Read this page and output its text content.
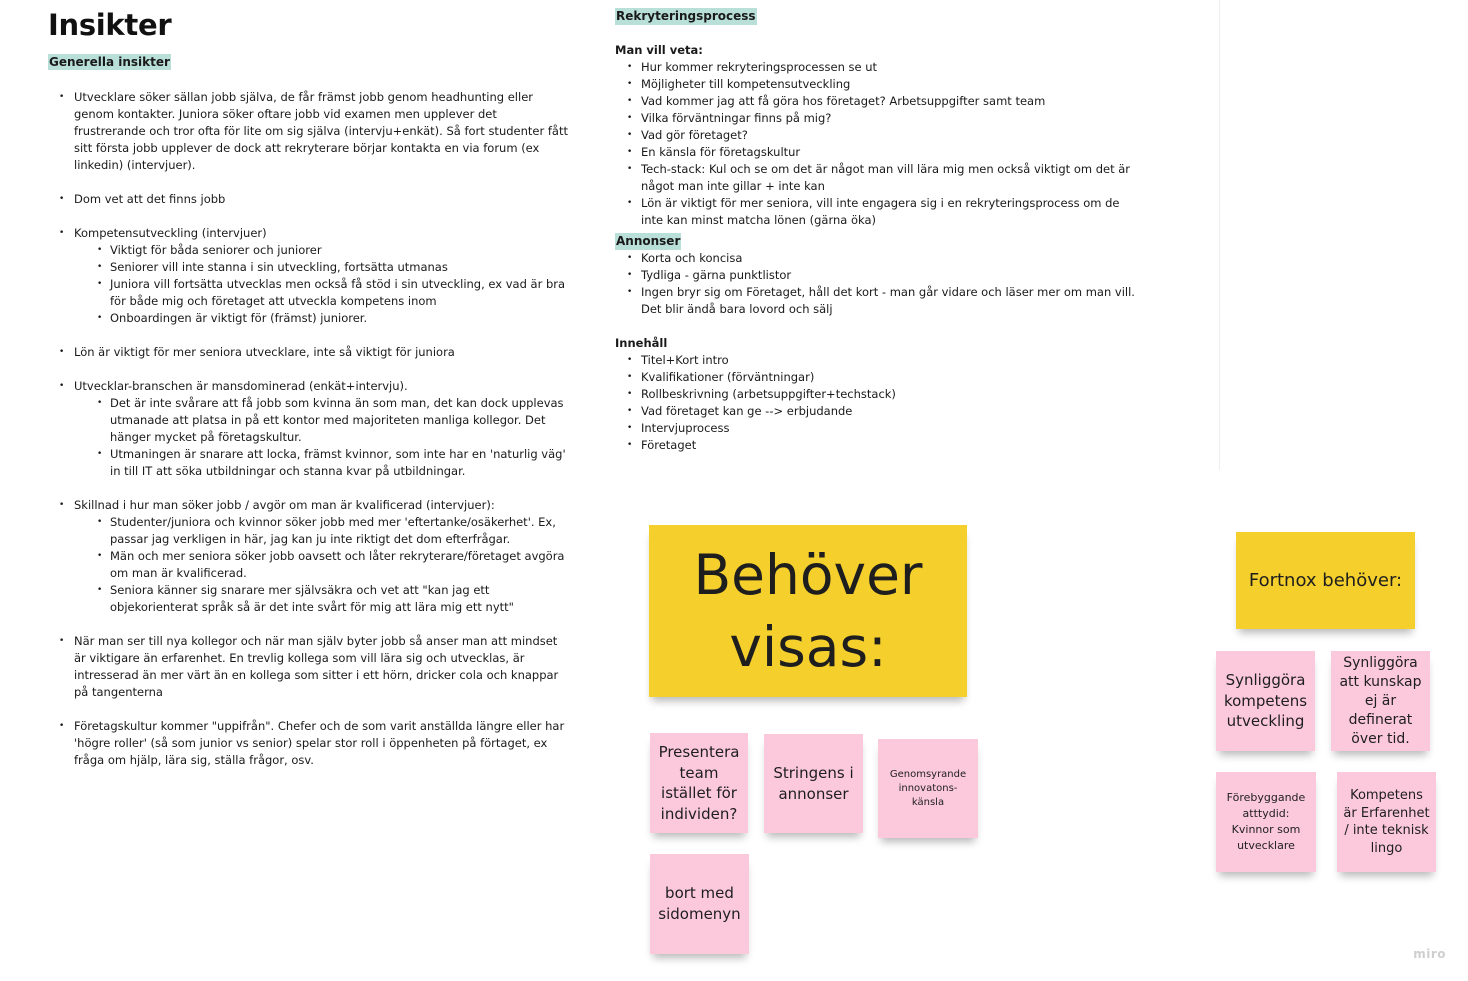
Insikter
Generella insikter
• Utvecklare söker sällan jobb själva, de får främst jobb genom headhunting eller genom kontakter. Juniora söker oftare jobb vid examen men upplever det frustrerande och tror ofta för lite om sig själva (intervju+enkät). Så fort studenter fått sitt första jobb upplever de dock att rekryterare börjar kontakta en via forum (ex linkedin) (intervjuer).
• Dom vet att det finns jobb
• Kompetensutveckling (intervjuer)
• Viktigt för båda seniorer och juniorer
• Seniorer vill inte stanna i sin utveckling, fortsätta utmanas
• Juniora vill fortsätta utvecklas men också få stöd i sin utveckling, ex vad är bra för både mig och företaget att utveckla kompetens inom
• Onboardingen är viktigt för (främst) juniorer.
• Lön är viktigt för mer seniora utvecklare, inte så viktigt för juniora
• Utvecklar-branschen är mansdominerad (enkät+intervju).
• Det är inte svårare att få jobb som kvinna än som man, det kan dock upplevas utmanade att platsa in på ett kontor med majoriteten manliga kollegor. Det hänger mycket på företagskultur.
• Utmaningen är snarare att locka, främst kvinnor, som inte har en 'naturlig väg' in till IT att söka utbildningar och stanna kvar på utbildningar.
• Skillnad i hur man söker jobb / avgör om man är kvalificerad (intervjuer):
• Studenter/juniora och kvinnor söker jobb med mer 'eftertanke/osäkerhet'. Ex, passar jag verkligen in här, jag kan ju inte riktigt det dom efterfrågar.
• Män och mer seniora söker jobb oavsett och låter rekryterare/företaget avgöra om man är kvalificerad.
• Seniora känner sig snarare mer självsäkra och vet att "kan jag ett objekorienterat språk så är det inte svårt för mig att lära mig ett nytt"
• När man ser till nya kollegor och när man själv byter jobb så anser man att mindset är viktigare än erfarenhet. En trevlig kollega som vill lära sig och utvecklas, är intresserad än mer värt än en kollega som sitter i ett hörn, dricker cola och knappar på tangenterna
• Företagskultur kommer "uppifrån". Chefer och de som varit anställda längre eller har 'högre roller' (så som junior vs senior) spelar stor roll i öppenheten på förtaget, ex fråga om hjälp, lära sig, ställa frågor, osv.
Rekryteringsprocess
Man vill veta:
• Hur kommer rekryteringsprocessen se ut
• Möjligheter till kompetensutveckling
• Vad kommer jag att få göra hos företaget? Arbetsuppgifter samt team
• Vilka förväntningar finns på mig?
• Vad gör företaget?
• En känsla för företagskultur
• Tech-stack: Kul och se om det är något man vill lära mig men också viktigt om det är något man inte gillar + inte kan
• Lön är viktigt för mer seniora, vill inte engagera sig i en rekryteringsprocess om de inte kan minst matcha lönen (gärna öka)
Annonser
• Korta och koncisa
• Tydliga - gärna punktlistor
• Ingen bryr sig om Företaget, håll det kort - man går vidare och läser mer om man vill. Det blir ändå bara lovord och sälj
Innehåll
• Titel+Kort intro
• Kvalifikationer (förväntningar)
• Rollbeskrivning (arbetsuppgifter+techstack)
• Vad företaget kan ge --> erbjudande
• Intervjuprocess
• Företaget
Behöver visas:
Presentera team istället för individen?
Stringens i annonser
Genomsyrande innovatons-känsla
bort med sidomenyn
Fortnox behöver:
Synliggöra kompetens utveckling
Synliggöra att kunskap ej är definerat över tid.
Förebyggande atttydid: Kvinnor som utvecklare
Kompetens är Erfarenhet / inte teknisk lingo
miro
